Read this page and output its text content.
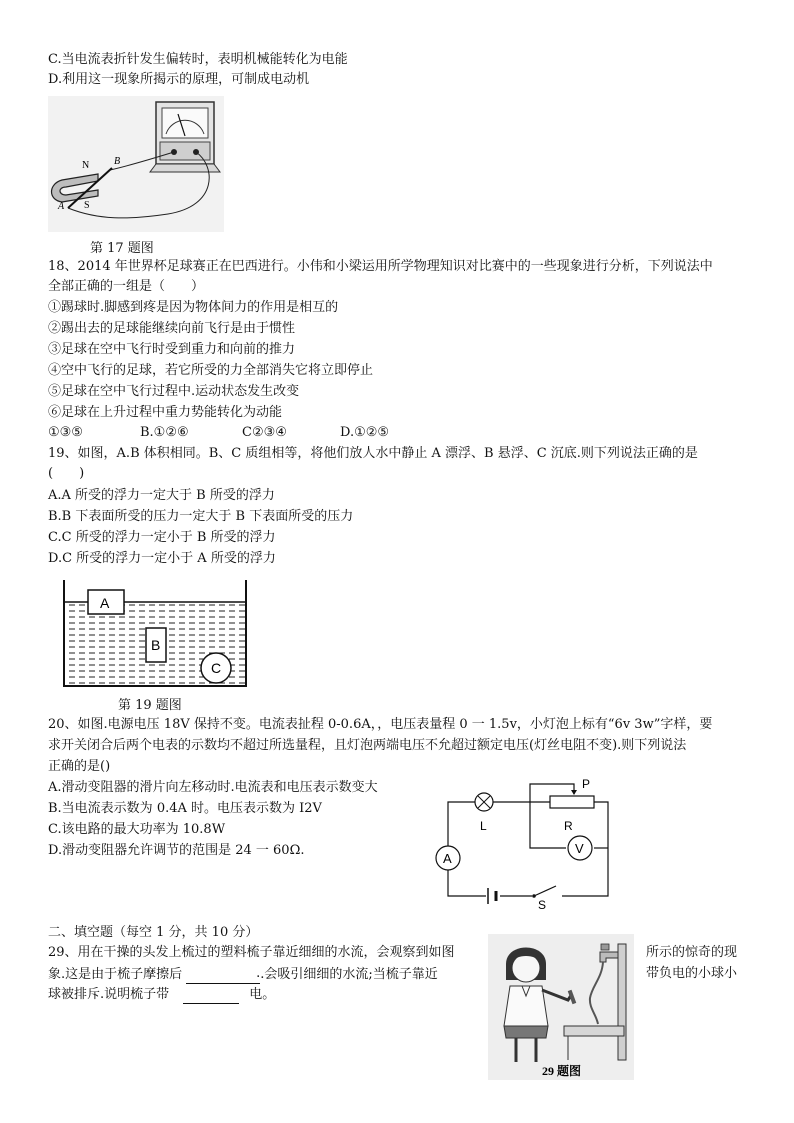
C.当电流表折针发生偏转时，表明机械能转化为电能
D.利用这一现象所揭示的原理，可制成电动机
N B
A S
第 17 题图
18、2014 年世界杯足球赛正在巴西进行。小伟和小梁运用所学物理知识对比赛中的一些现象进行分析，下列说法中
全部正确的一组是（　　）
①踢球时.脚感到疼是因为物体间力的作用是相互的
②踢出去的足球能继续向前飞行是由于惯性
③足球在空中飞行时受到重力和向前的推力
④空中飞行的足球，若它所受的力全部消失它将立即停止
⑤足球在空中飞行过程中.运动状态发生改变
⑥足球在上升过程中重力势能转化为动能
①③⑤	B.①②⑥	C②③④	D.①②⑤
19、如图，A.B 体积相同。B、C 质组相等，将他们放人水中静止 A 漂浮、B 悬浮、C 沉底.则下列说法正确的是
(　　)
A.A 所受的浮力一定大于 B 所受的浮力
B.B 下表面所受的压力一定大于 B 下表面所受的压力
C.C 所受的浮力一定小于 B 所受的浮力
D.C 所受的浮力一定小于 A 所受的浮力
A
B
C
第 19 题图
20、如图.电源电压 18V 保持不变。电流表扯程 0-0.6A，，电压表量程 0 一 1.5v，小灯泡上标有“6v 3w”字样，要
求开关闭合后两个电表的示数均不超过所选量程，且灯泡两端电压不允超过额定电压(灯丝电阻不变).则下列说法
正确的是()
A.滑动变阻器的滑片向左移动时.电流表和电压表示数变大
B.当电流表示数为 0.4A 时。电压表示数为 I2V
C.该电路的最大功率为 10.8W
D.滑动变阻器允许调节的范围是 24 一 60Ω.
L
P
R
V
A
S
二、填空题（每空 1 分，共 10 分）
29、用在干操的头发上梳过的塑料梳子靠近细细的水流，会观察到如图	所示的惊奇的现
象.这是由于梳子摩擦后	..会吸引细细的水流;当梳子靠近	带负电的小球小
球被排斥.说明梳子带	电。
29 题图
